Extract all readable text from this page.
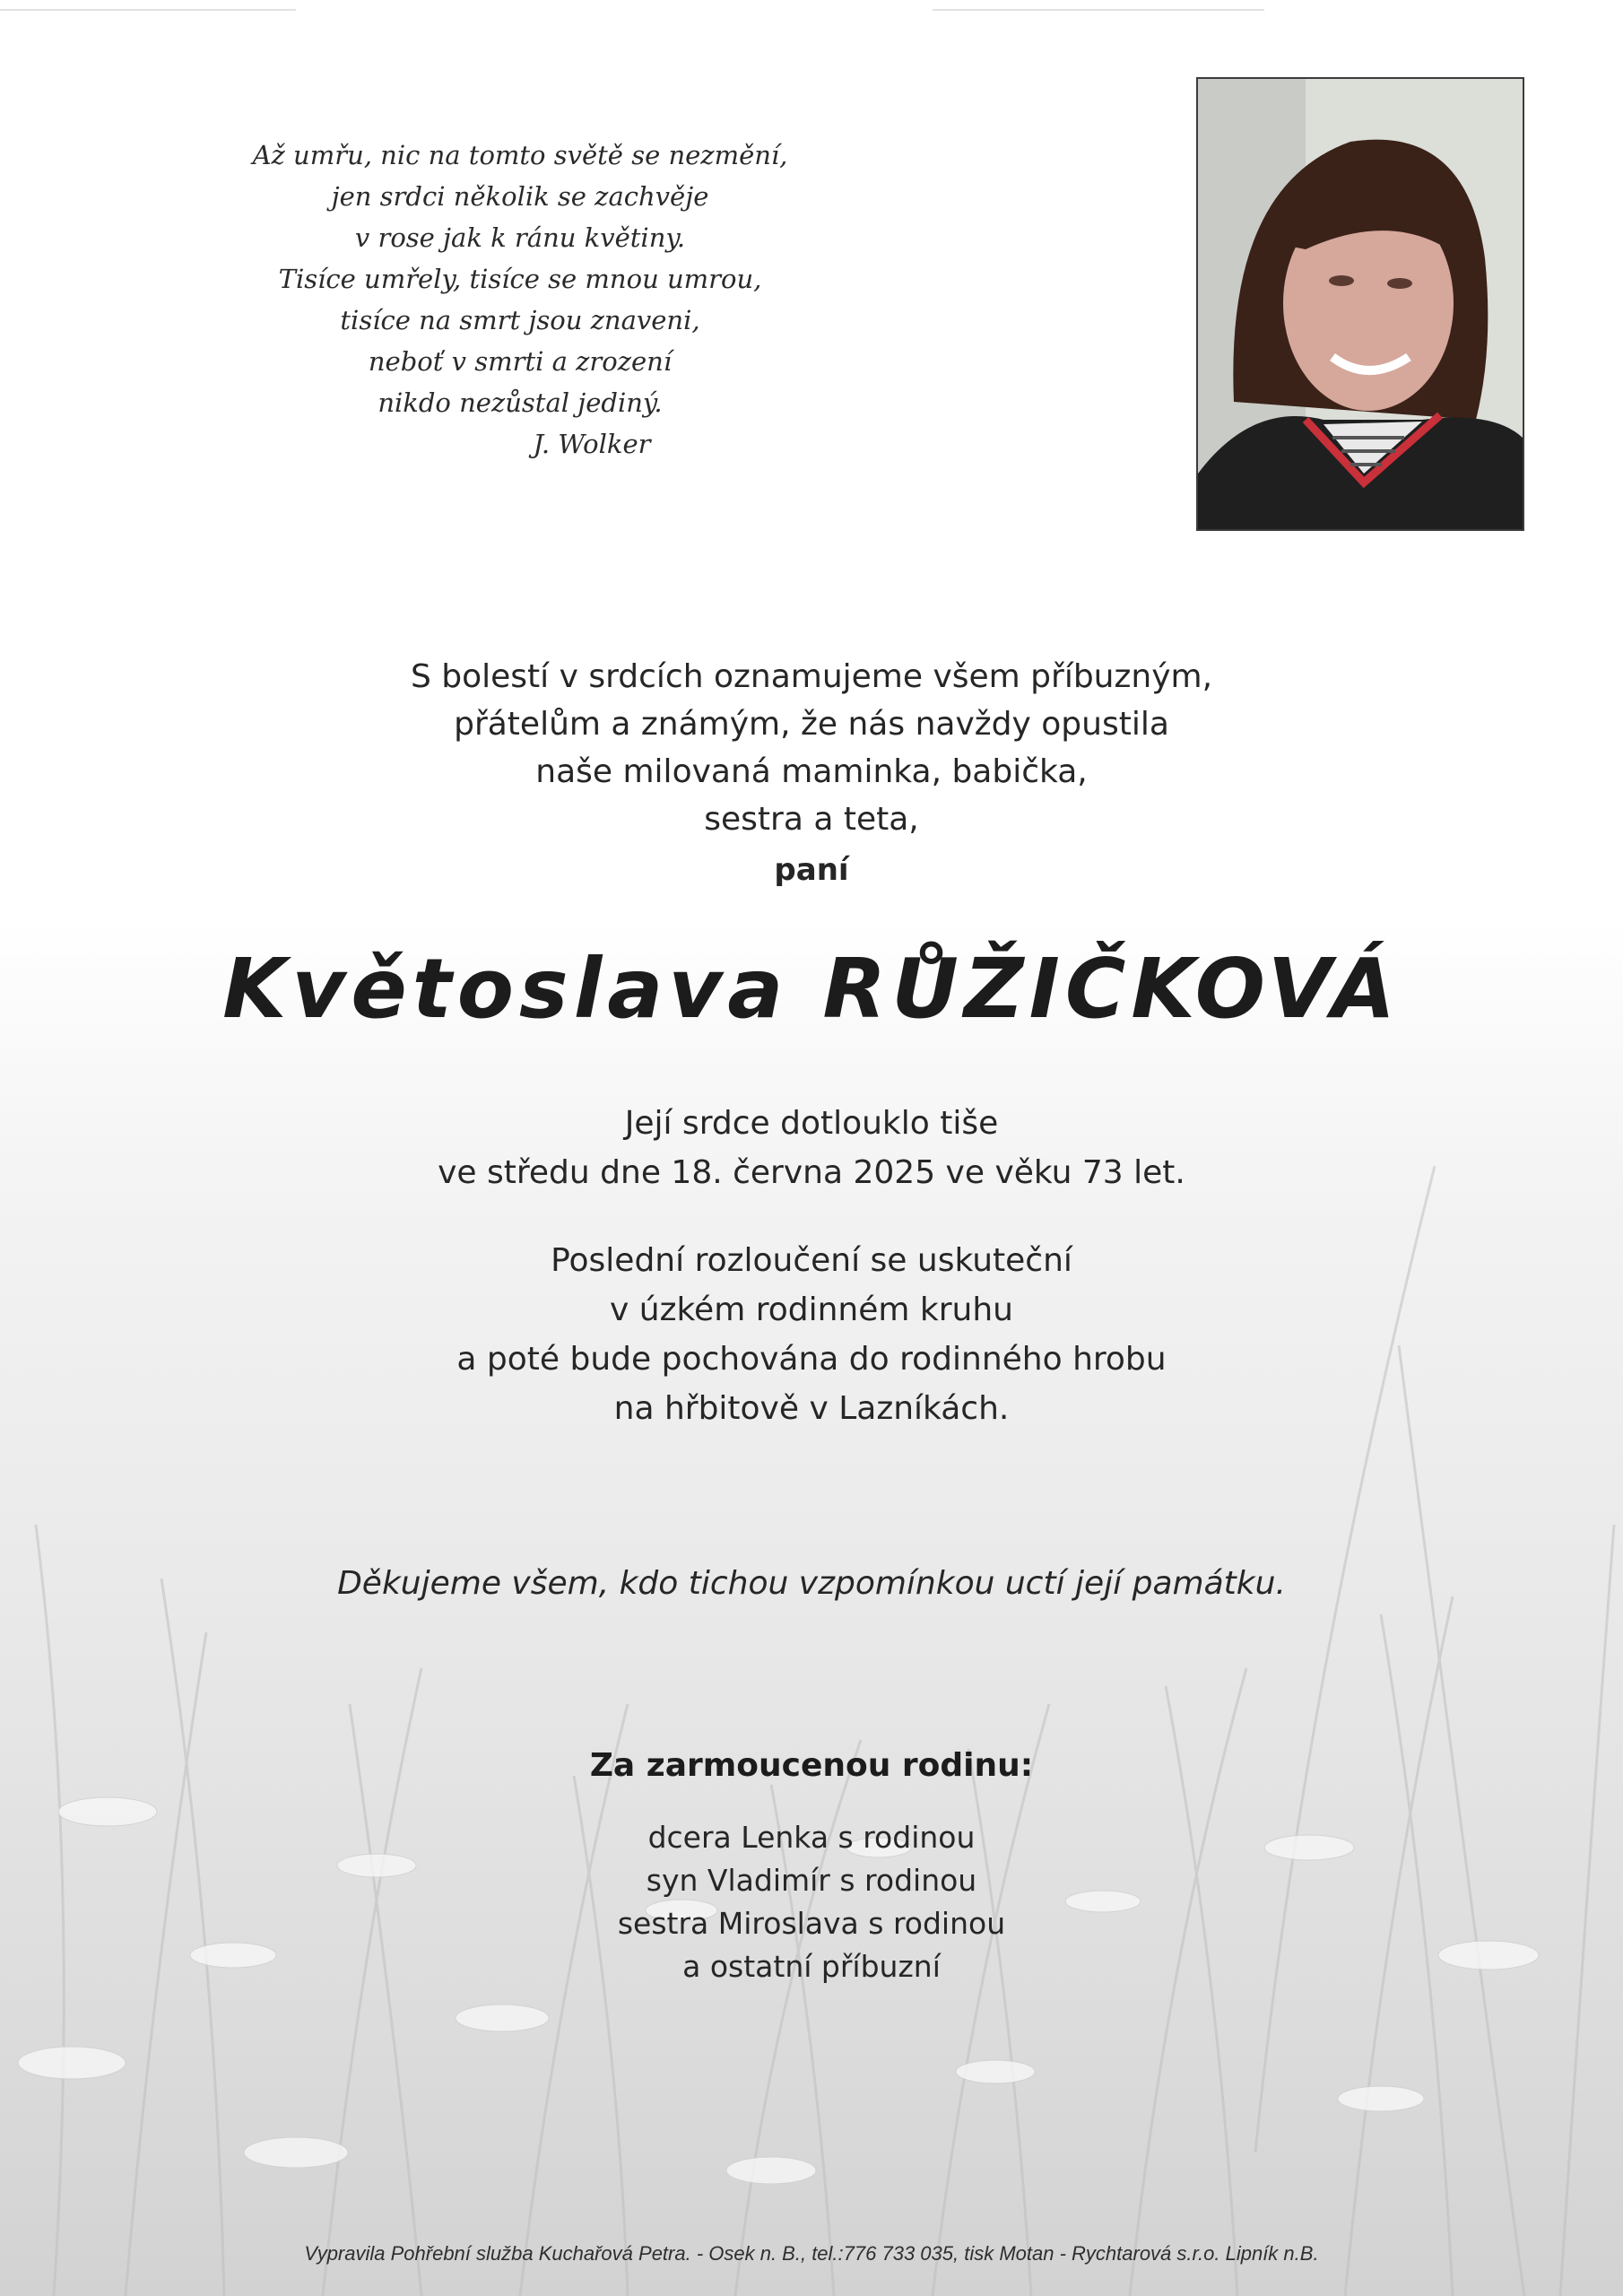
Až umřu, nic na tomto světě se nezmění,
jen srdci několik se zachvěje
v rose jak k ránu květiny.
Tisíce umřely, tisíce se mnou umrou,
tisíce na smrt jsou znaveni,
neboť v smrti a zrození
nikdo nezůstal jediný.
J. Wolker
S bolestí v srdcích oznamujeme všem příbuzným,
přátelům a známým, že nás navždy opustila
naše milovaná maminka, babička,
sestra a teta,
paní
Květoslava RŮŽIČKOVÁ
Její srdce dotlouklo tiše
ve středu dne 18. června 2025 ve věku 73 let.
Poslední rozloučení se uskuteční
v úzkém rodinném kruhu
a poté bude pochována do rodinného hrobu
na hřbitově v Lazníkách.
Děkujeme všem, kdo tichou vzpomínkou uctí její památku.
Za zarmoucenou rodinu:
dcera Lenka s rodinou
syn Vladimír s rodinou
sestra Miroslava s rodinou
a ostatní příbuzní
Vypravila Pohřební služba Kuchařová Petra. - Osek n. B., tel.:776 733 035, tisk Motan - Rychtarová s.r.o. Lipník n.B.
